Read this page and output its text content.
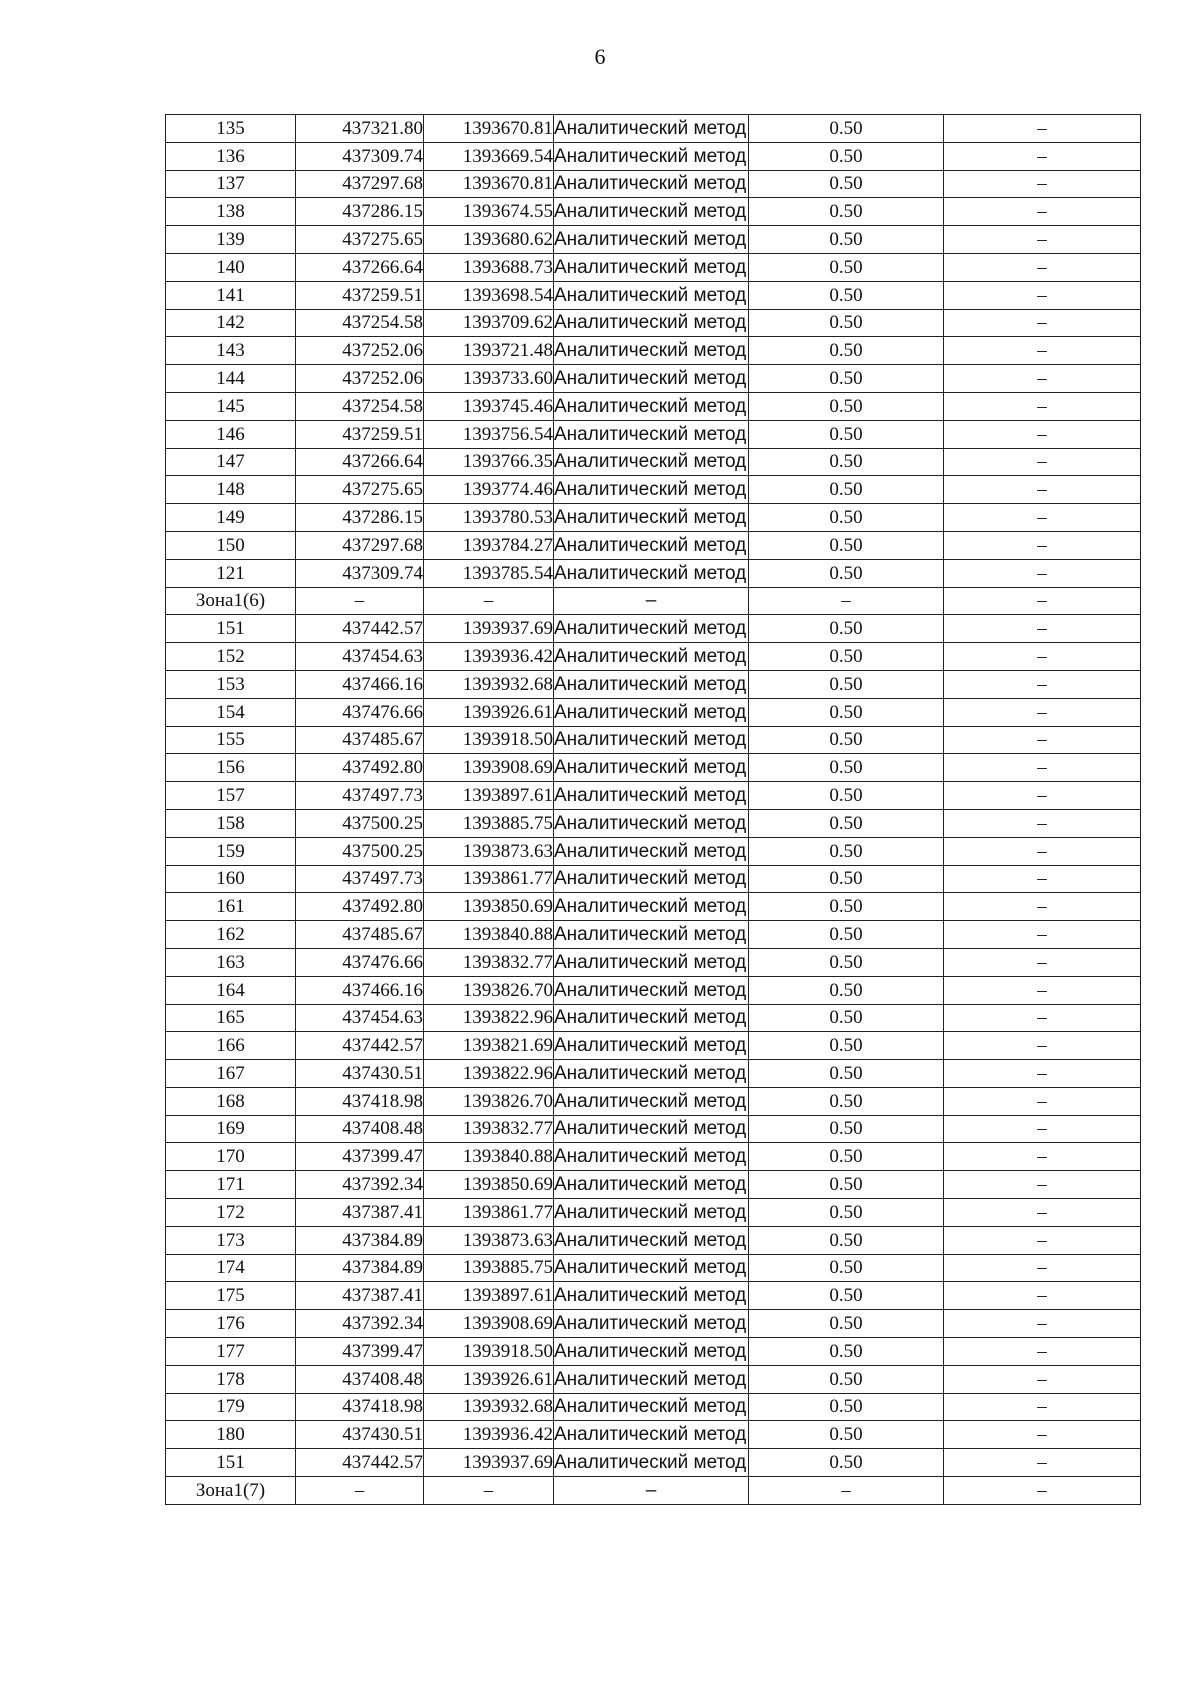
6
135	437321.80	1393670.81	Аналитический метод	0.50	–
136	437309.74	1393669.54	Аналитический метод	0.50	–
137	437297.68	1393670.81	Аналитический метод	0.50	–
138	437286.15	1393674.55	Аналитический метод	0.50	–
139	437275.65	1393680.62	Аналитический метод	0.50	–
140	437266.64	1393688.73	Аналитический метод	0.50	–
141	437259.51	1393698.54	Аналитический метод	0.50	–
142	437254.58	1393709.62	Аналитический метод	0.50	–
143	437252.06	1393721.48	Аналитический метод	0.50	–
144	437252.06	1393733.60	Аналитический метод	0.50	–
145	437254.58	1393745.46	Аналитический метод	0.50	–
146	437259.51	1393756.54	Аналитический метод	0.50	–
147	437266.64	1393766.35	Аналитический метод	0.50	–
148	437275.65	1393774.46	Аналитический метод	0.50	–
149	437286.15	1393780.53	Аналитический метод	0.50	–
150	437297.68	1393784.27	Аналитический метод	0.50	–
121	437309.74	1393785.54	Аналитический метод	0.50	–
Зона1(6)	–	–	–	–	–
151	437442.57	1393937.69	Аналитический метод	0.50	–
152	437454.63	1393936.42	Аналитический метод	0.50	–
153	437466.16	1393932.68	Аналитический метод	0.50	–
154	437476.66	1393926.61	Аналитический метод	0.50	–
155	437485.67	1393918.50	Аналитический метод	0.50	–
156	437492.80	1393908.69	Аналитический метод	0.50	–
157	437497.73	1393897.61	Аналитический метод	0.50	–
158	437500.25	1393885.75	Аналитический метод	0.50	–
159	437500.25	1393873.63	Аналитический метод	0.50	–
160	437497.73	1393861.77	Аналитический метод	0.50	–
161	437492.80	1393850.69	Аналитический метод	0.50	–
162	437485.67	1393840.88	Аналитический метод	0.50	–
163	437476.66	1393832.77	Аналитический метод	0.50	–
164	437466.16	1393826.70	Аналитический метод	0.50	–
165	437454.63	1393822.96	Аналитический метод	0.50	–
166	437442.57	1393821.69	Аналитический метод	0.50	–
167	437430.51	1393822.96	Аналитический метод	0.50	–
168	437418.98	1393826.70	Аналитический метод	0.50	–
169	437408.48	1393832.77	Аналитический метод	0.50	–
170	437399.47	1393840.88	Аналитический метод	0.50	–
171	437392.34	1393850.69	Аналитический метод	0.50	–
172	437387.41	1393861.77	Аналитический метод	0.50	–
173	437384.89	1393873.63	Аналитический метод	0.50	–
174	437384.89	1393885.75	Аналитический метод	0.50	–
175	437387.41	1393897.61	Аналитический метод	0.50	–
176	437392.34	1393908.69	Аналитический метод	0.50	–
177	437399.47	1393918.50	Аналитический метод	0.50	–
178	437408.48	1393926.61	Аналитический метод	0.50	–
179	437418.98	1393932.68	Аналитический метод	0.50	–
180	437430.51	1393936.42	Аналитический метод	0.50	–
151	437442.57	1393937.69	Аналитический метод	0.50	–
Зона1(7)	–	–	–	–	–
